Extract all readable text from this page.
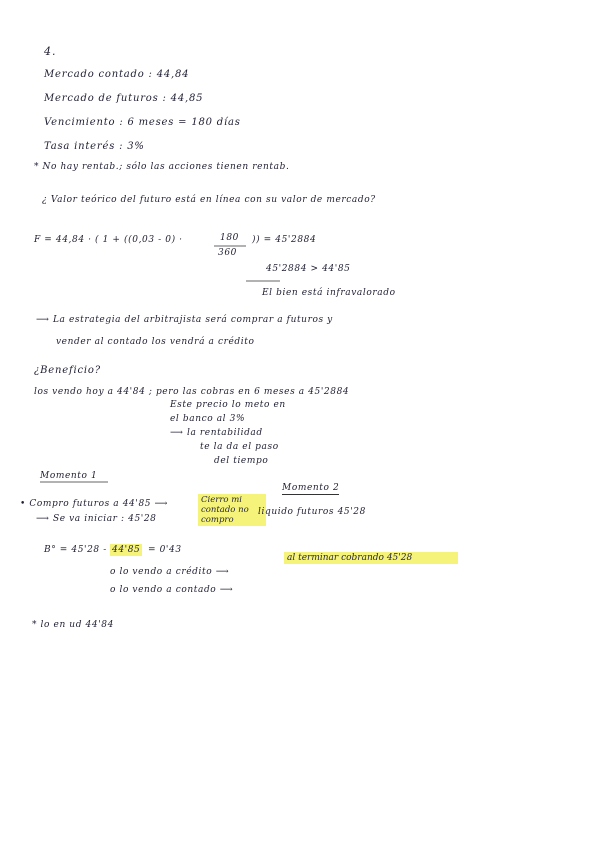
4.
Mercado contado : 44,84
Mercado de futuros : 44,85
Vencimiento : 6 meses = 180 días
Tasa interés : 3%
* No hay rentab.; sólo las acciones tienen rentab.
¿ Valor teórico del futuro está en línea con su valor de mercado?
F = 44,84 · ( 1 + ((0,03 - 0) ·	180
360
)) = 45'2884
45'2884 > 44'85
El bien está infravalorado
⟶ La estrategia del arbitrajista será comprar a futuros y
vender al contado los vendrá a crédito
¿Beneficio?
los vendo hoy a 44'84 ; pero las cobras en 6 meses a 45'2884
Este precio lo meto en
el banco al 3%
⟶ la rentabilidad
te la da el paso
del tiempo
Momento 1
Momento 2
• Compro futuros a 44'85 ⟶	Cierro mi contado no compro
⟶ Se va iniciar : 45'28
liquido futuros 45'28
B° = 45'28 - 44'85 = 0'43
o lo vendo a crédito ⟶
o lo vendo a contado ⟶
al terminar cobrando 45'28
* lo en ud 44'84
